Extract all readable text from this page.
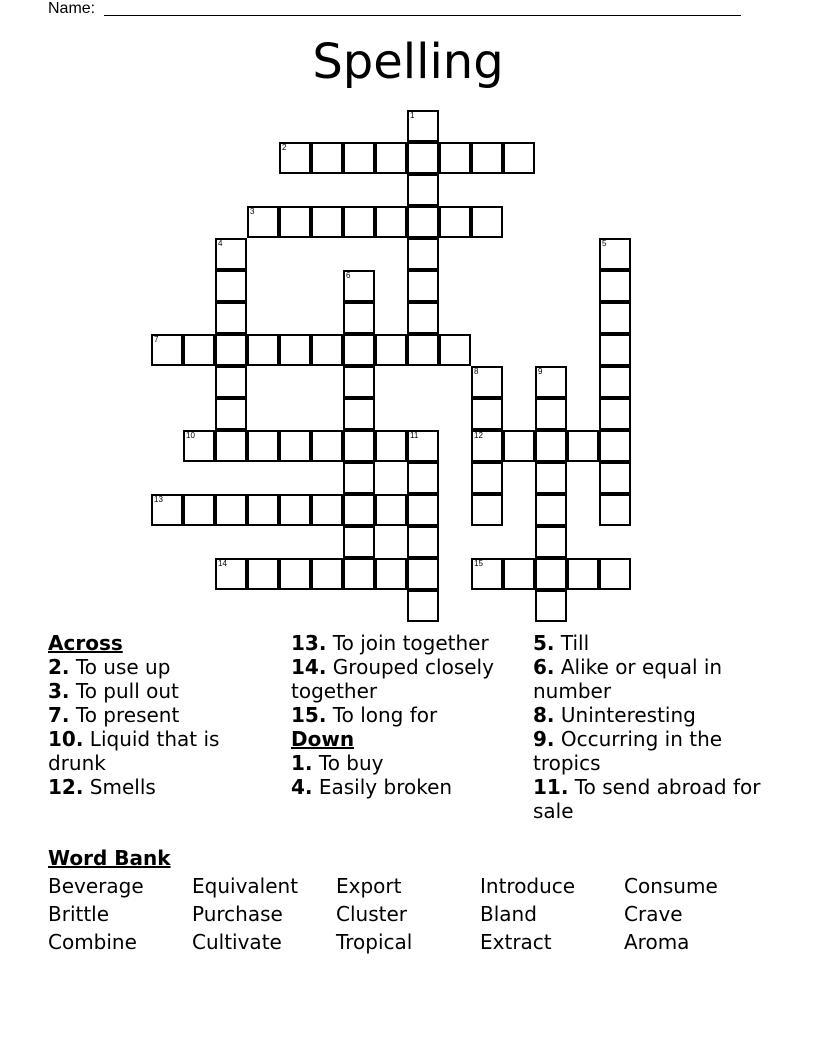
Name:
Spelling
1
2
3
4	5
6
7
8	9
10	11	12
13
14	15
Across
2. To use up
3. To pull out
7. To present
10. Liquid that is drunk
12. Smells
13. To join together
14. Grouped closely together
15. To long for
Down
1. To buy
4. Easily broken
5. Till
6. Alike or equal in number
8. Uninteresting
9. Occurring in the tropics
11. To send abroad for sale
Word Bank
Beverage	Equivalent	Export	Introduce	Consume
Brittle	Purchase	Cluster	Bland	Crave
Combine	Cultivate	Tropical	Extract	Aroma
